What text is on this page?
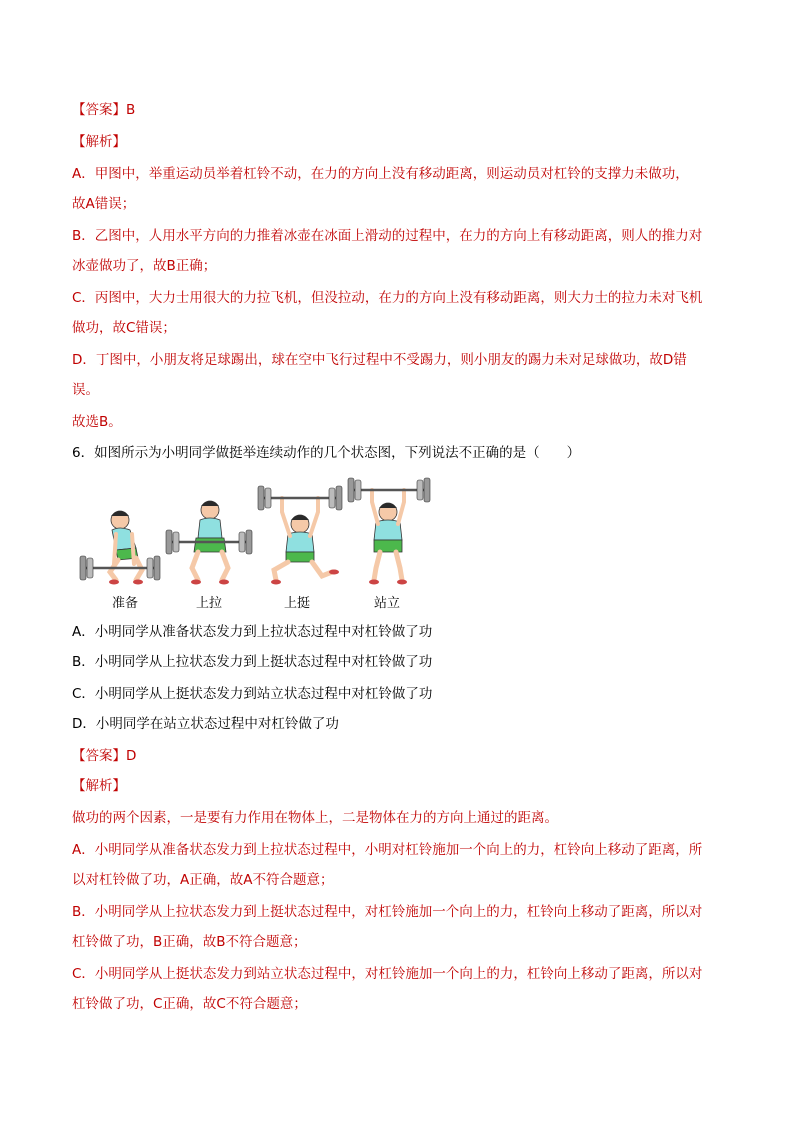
【答案】B
【解析】
A．甲图中，举重运动员举着杠铃不动，在力的方向上没有移动距离，则运动员对杠铃的支撑力未做功，
故A错误；
B．乙图中，人用水平方向的力推着冰壶在冰面上滑动的过程中，在力的方向上有移动距离，则人的推力对
冰壶做功了，故B正确；
C．丙图中，大力士用很大的力拉飞机，但没拉动，在力的方向上没有移动距离，则大力士的拉力未对飞机
做功，故C错误；
D．丁图中，小朋友将足球踢出，球在空中飞行过程中不受踢力，则小朋友的踢力未对足球做功，故D错
误。
故选B。
6．如图所示为小明同学做挺举连续动作的几个状态图，下列说法不正确的是（　　）
准备	上拉	上挺	站立
A．小明同学从准备状态发力到上拉状态过程中对杠铃做了功
B．小明同学从上拉状态发力到上挺状态过程中对杠铃做了功
C．小明同学从上挺状态发力到站立状态过程中对杠铃做了功
D．小明同学在站立状态过程中对杠铃做了功
【答案】D
【解析】
做功的两个因素，一是要有力作用在物体上，二是物体在力的方向上通过的距离。
A．小明同学从准备状态发力到上拉状态过程中，小明对杠铃施加一个向上的力，杠铃向上移动了距离，所
以对杠铃做了功，A正确，故A不符合题意；
B．小明同学从上拉状态发力到上挺状态过程中，对杠铃施加一个向上的力，杠铃向上移动了距离，所以对
杠铃做了功，B正确，故B不符合题意；
C．小明同学从上挺状态发力到站立状态过程中，对杠铃施加一个向上的力，杠铃向上移动了距离，所以对
杠铃做了功，C正确，故C不符合题意；
